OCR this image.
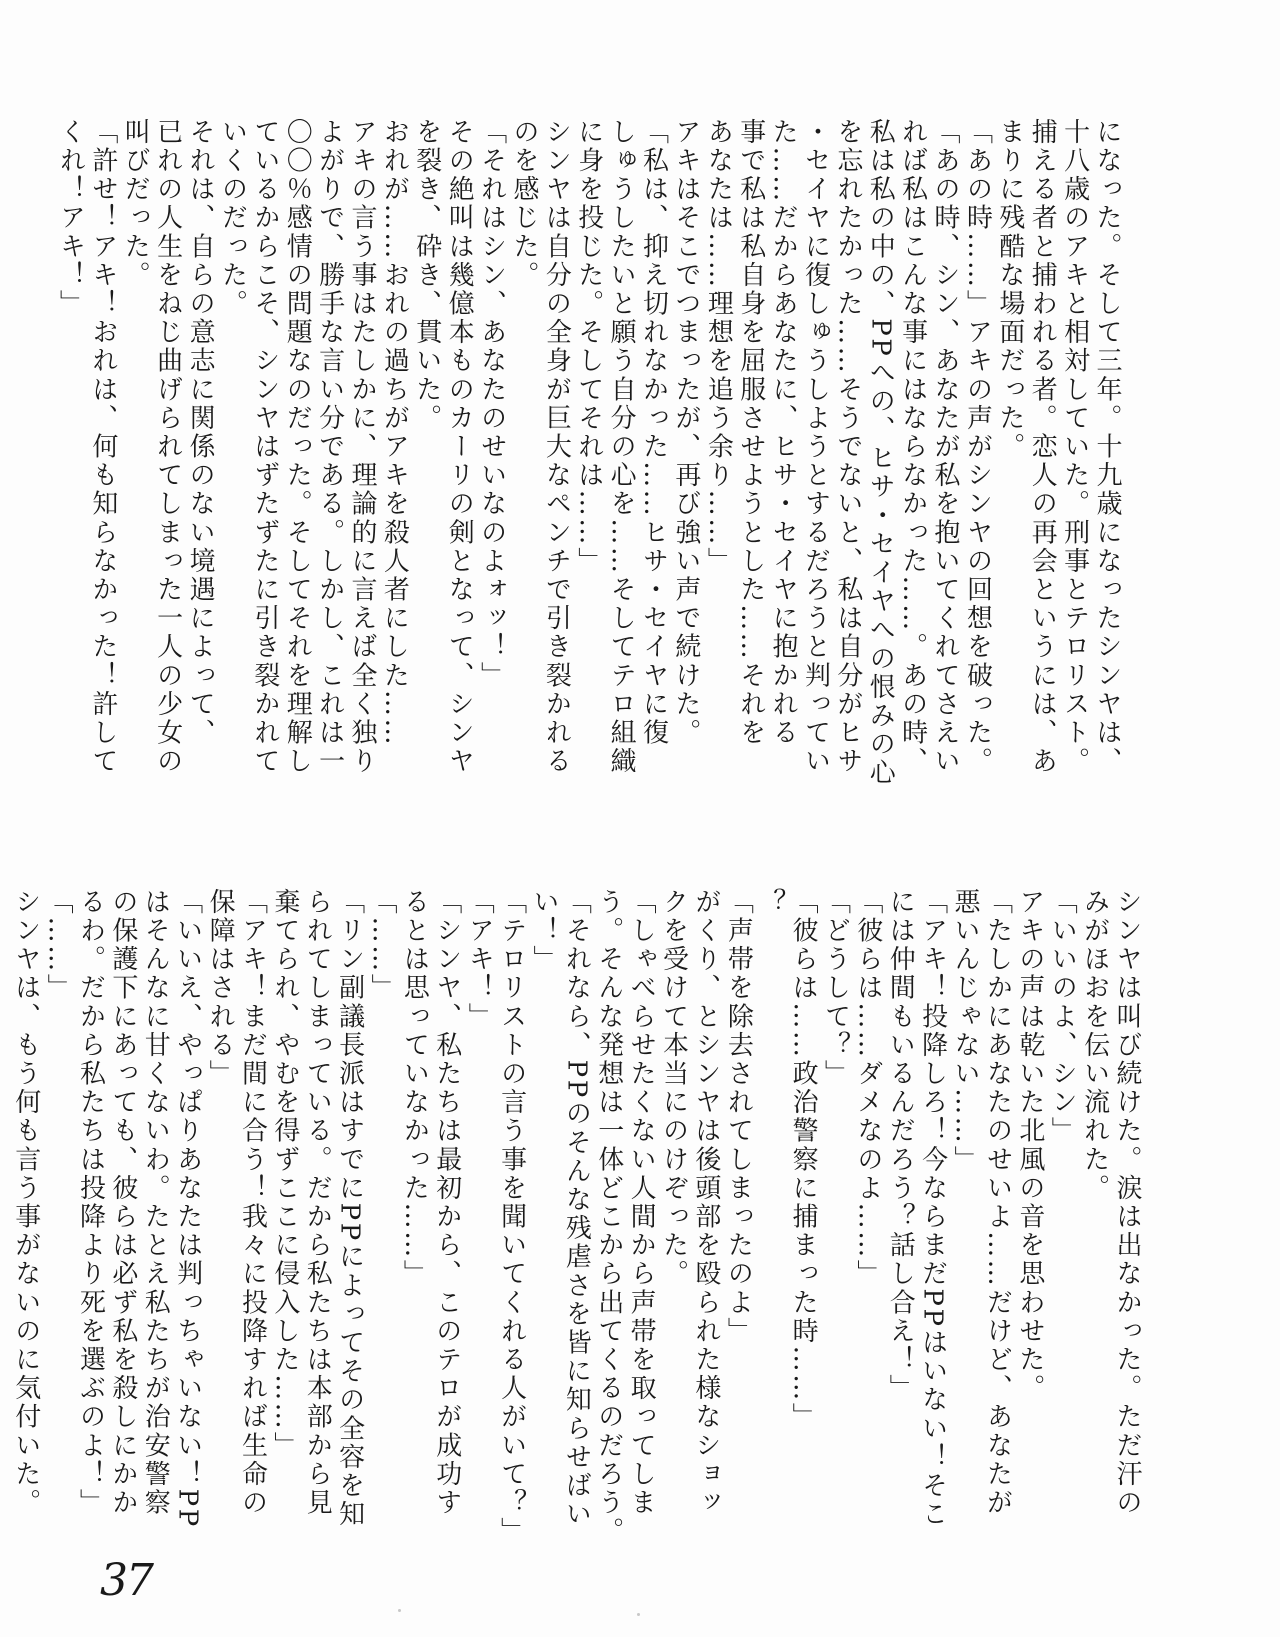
になった。そして三年。十九歳になったシンヤは、
十八歳のアキと相対していた。刑事とテロリスト。
捕える者と捕われる者。恋人の再会というには、あ
まりに残酷な場面だった。
「あの時……」アキの声がシンヤの回想を破った。
「あの時、シン、あなたが私を抱いてくれてさえい
れば私はこんな事にはならなかった……。あの時、
私は私の中の、PPへの、ヒサ・セイヤへの恨みの心
を忘れたかった……そうでないと、私は自分がヒサ
・セイヤに復しゅうしようとするだろうと判ってい
た……だからあなたに、ヒサ・セイヤに抱かれる
事で私は私自身を屈服させようとした……それを
あなたは……理想を追う余り……」
アキはそこでつまったが、再び強い声で続けた。
「私は、抑え切れなかった……ヒサ・セイヤに復
しゅうしたいと願う自分の心を……そしてテロ組織
に身を投じた。そしてそれは……」
シンヤは自分の全身が巨大なペンチで引き裂かれる
のを感じた。
「それはシン、あなたのせいなのよォッ！」
その絶叫は幾億本ものカーリの剣となって、シンヤ
を裂き、砕き、貫いた。
おれが……おれの過ちがアキを殺人者にした……
アキの言う事はたしかに、理論的に言えば全く独り
よがりで、勝手な言い分である。しかし、これは一
〇〇％感情の問題なのだった。そしてそれを理解し
ているからこそ、シンヤはずたずたに引き裂かれて
いくのだった。
それは、自らの意志に関係のない境遇によって、
已れの人生をねじ曲げられてしまった一人の少女の
叫びだった。
「許せ！アキ！おれは、何も知らなかった！許して
くれ！アキ！」
シンヤは叫び続けた。涙は出なかった。ただ汗の
みがほおを伝い流れた。
「いいのよ、シン」
アキの声は乾いた北風の音を思わせた。
「たしかにあなたのせいよ……だけど、あなたが
悪いんじゃない……」
「アキ！投降しろ！今ならまだPPはいない！そこ
には仲間もいるんだろう？話し合え！」
「彼らは……ダメなのよ……」
「どうして？」
「彼らは……政治警察に捕まった時……」
？
「声帯を除去されてしまったのよ」
がくり、とシンヤは後頭部を殴られた様なショッ
クを受けて本当にのけぞった。
「しゃべらせたくない人間から声帯を取ってしま
う。そんな発想は一体どこから出てくるのだろう。
「それなら、PPのそんな残虐さを皆に知らせばい
い！」
「テロリストの言う事を聞いてくれる人がいて？」
「アキ！」
「シンヤ、私たちは最初から、このテロが成功す
るとは思っていなかった……」
「……」
「リン副議長派はすでにPPによってその全容を知
られてしまっている。だから私たちは本部から見
棄てられ、やむを得ずここに侵入した……」
「アキ！まだ間に合う！我々に投降すれば生命の
保障はされる」
「いいえ、やっぱりあなたは判っちゃいない！PP
はそんなに甘くないわ。たとえ私たちが治安警察
の保護下にあっても、彼らは必ず私を殺しにかか
るわ。だから私たちは投降より死を選ぶのよ！」
「……」
シンヤは、もう何も言う事がないのに気付いた。
37
